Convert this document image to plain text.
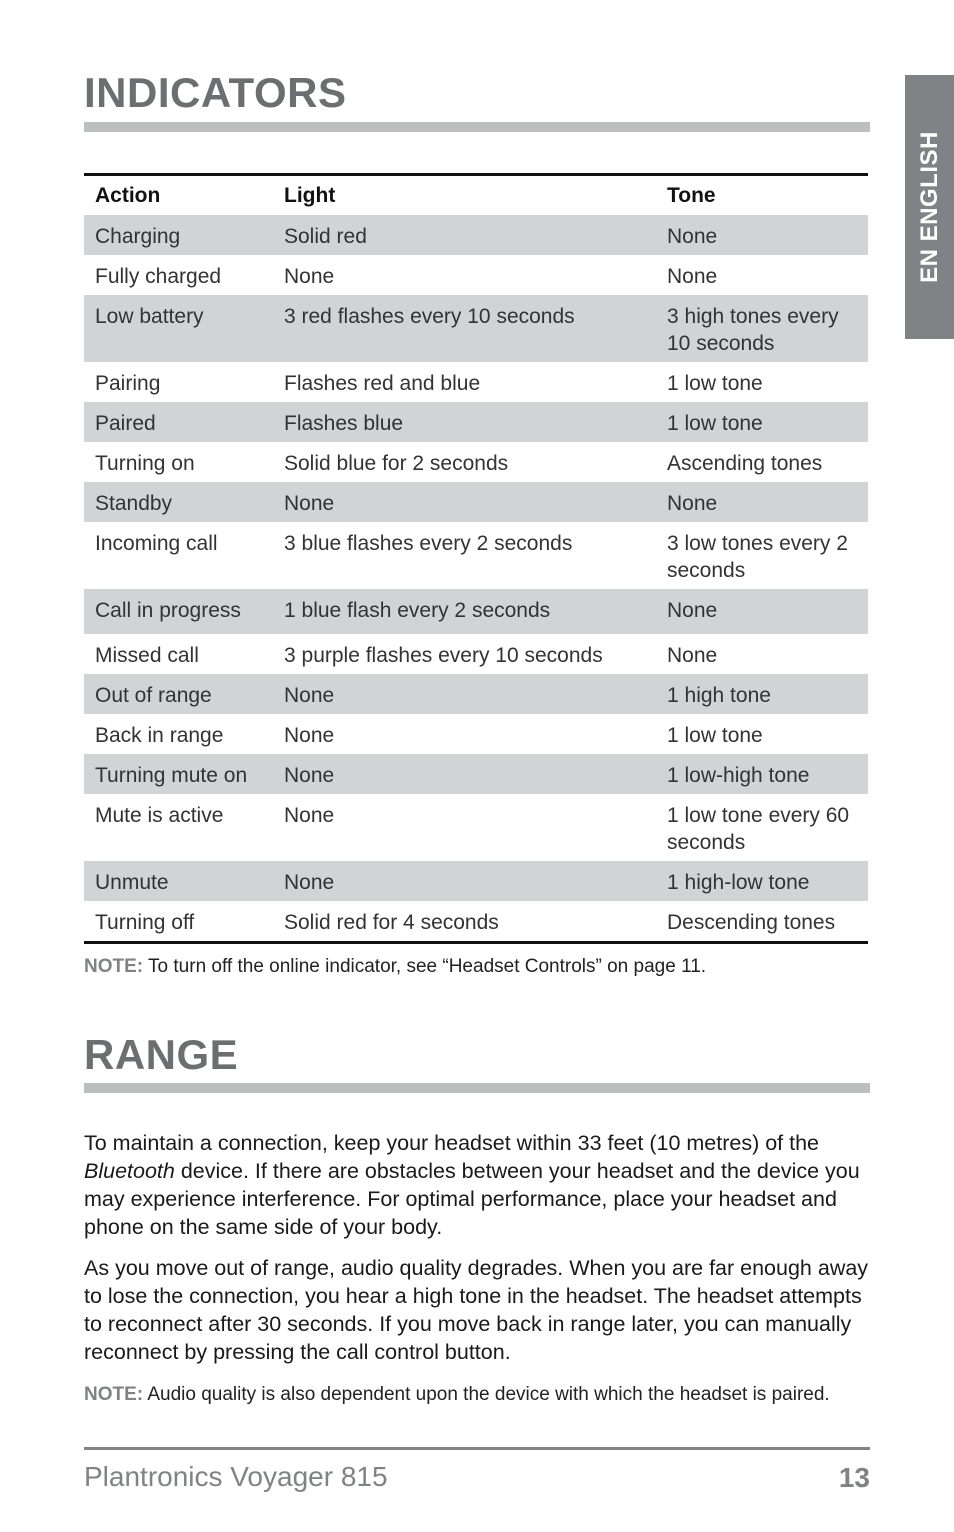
EN ENGLISH
INDICATORS
Action	Light	Tone
Charging	Solid red	None
Fully charged	None	None
Low battery	3 red flashes every 10 seconds	3 high tones every 10 seconds
Pairing	Flashes red and blue	1 low tone
Paired	Flashes blue	1 low tone
Turning on	Solid blue for 2 seconds	Ascending tones
Standby	None	None
Incoming call	3 blue flashes every 2 seconds	3 low tones every 2 seconds
Call in progress	1 blue flash every 2 seconds	None
Missed call	3 purple flashes every 10 seconds	None
Out of range	None	1 high tone
Back in range	None	1 low tone
Turning mute on	None	1 low-high tone
Mute is active	None	1 low tone every 60 seconds
Unmute	None	1 high-low tone
Turning off	Solid red for 4 seconds	Descending tones

NOTE: To turn off the online indicator, see “Headset Controls” on page 11.

RANGE

To maintain a connection, keep your headset within 33 feet (10 metres) of the Bluetooth device. If there are obstacles between your headset and the device you may experience interference. For optimal performance, place your headset and phone on the same side of your body.

As you move out of range, audio quality degrades. When you are far enough away to lose the connection, you hear a high tone in the headset. The headset attempts to reconnect after 30 seconds. If you move back in range later, you can manually reconnect by pressing the call control button.

NOTE: Audio quality is also dependent upon the device with which the headset is paired.

Plantronics Voyager 815	13
